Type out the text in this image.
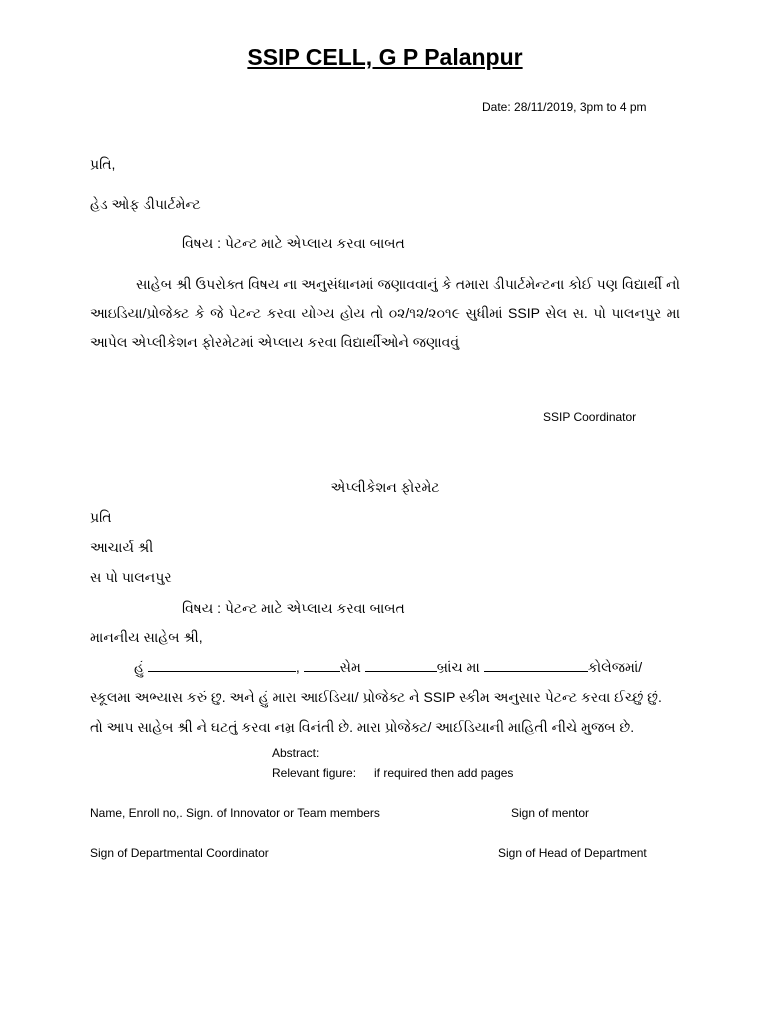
SSIP CELL, G P Palanpur
Date: 28/11/2019, 3pm to 4 pm
પ્રતિ,
હેડ ઓફ ડીપાર્ટમેન્ટ
વિષય : પેટન્ટ માટે એપ્લાય કરવા બાબત
સાહેબ શ્રી ઉપરોક્ત વિષય ના અનુસંધાનમાં જણાવવાનું કે તમારા ડીપાર્ટમેન્ટના કોઈ પણ વિદ્યાર્થી નો આઇડિયા/પ્રોજેક્ટ કે જે પેટન્ટ કરવા યોગ્ય હોય તો ૦૨/૧૨/૨૦૧૯ સુધીમાં SSIP સેલ સ. પો પાલનપુર મા આપેલ એપ્લીકેશન ફોરમેટમાં એપ્લાય કરવા વિદ્યાર્થીઓને જણાવવું
SSIP Coordinator
એપ્લીકેશન ફોરમેટ
પ્રતિ
આચાર્ય શ્રી
સ પો પાલનપુર
વિષય : પેટન્ટ માટે એપ્લાય કરવા બાબત
માનનીય સાહેબ શ્રી,
હું	,	સેમ	બ્રાંચ મા	કોલેજમાં/
સ્કૂલમા અભ્યાસ કરું છુ. અને હું મારા આઈડિયા/ પ્રોજેક્ટ ને SSIP સ્કીમ અનુસાર પેટન્ટ કરવા ઈચ્છું છું.
તો આપ સાહેબ શ્રી ને ઘટતું કરવા નમ્ર વિનંતી છે. મારા પ્રોજેક્ટ/ આઈડિયાની માહિતી નીચે મુજબ છે.
Abstract:
Relevant figure: if required then add pages
Name, Enroll no,. Sign. of Innovator or Team members	Sign of mentor
Sign of Departmental Coordinator	Sign of Head of Department
